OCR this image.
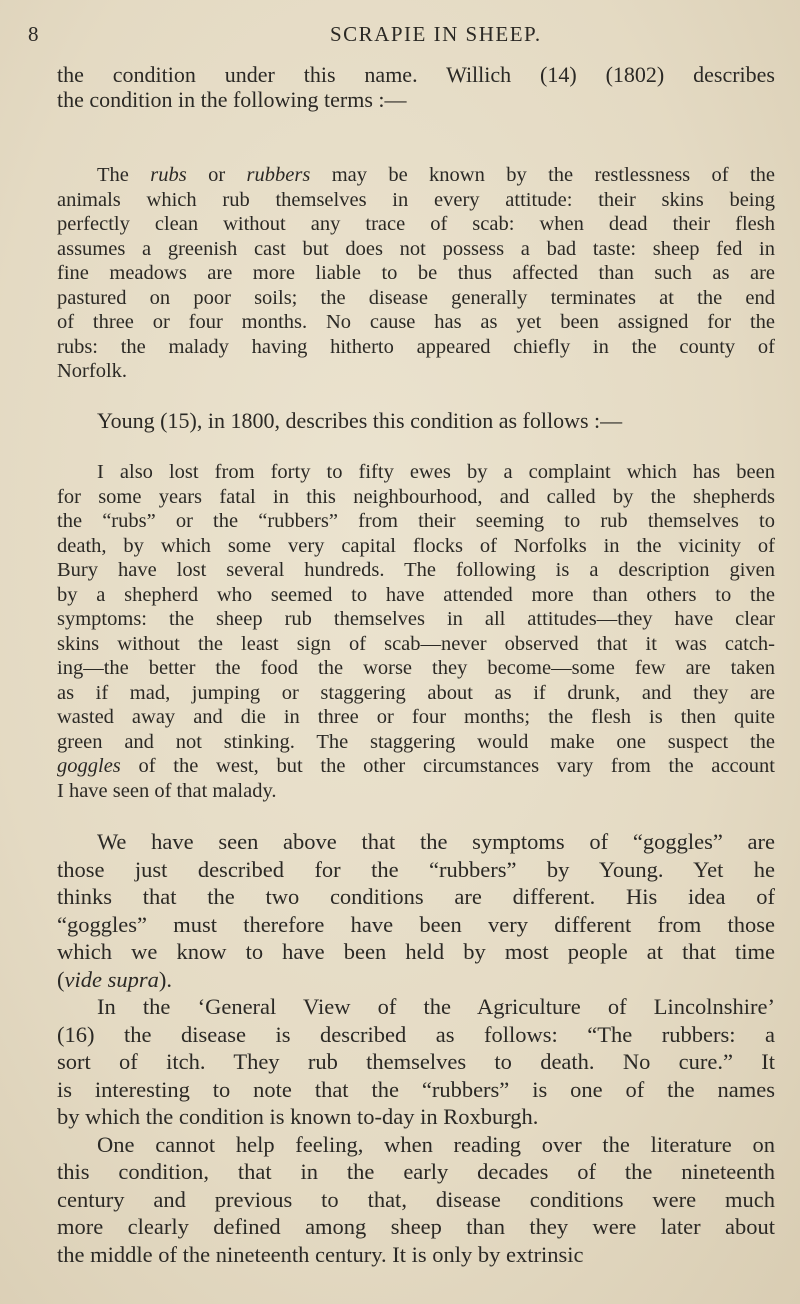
8	SCRAPIE IN SHEEP.
the condition under this name. Willich (14) (1802) describes
the condition in the following terms :—
The rubs or rubbers may be known by the restlessness of the
animals which rub themselves in every attitude: their skins being
perfectly clean without any trace of scab: when dead their flesh
assumes a greenish cast but does not possess a bad taste: sheep fed in
fine meadows are more liable to be thus affected than such as are
pastured on poor soils; the disease generally terminates at the end
of three or four months. No cause has as yet been assigned for the
rubs: the malady having hitherto appeared chiefly in the county of
Norfolk.
Young (15), in 1800, describes this condition as follows :—
I also lost from forty to fifty ewes by a complaint which has been
for some years fatal in this neighbourhood, and called by the shepherds
the “rubs” or the “rubbers” from their seeming to rub themselves to
death, by which some very capital flocks of Norfolks in the vicinity of
Bury have lost several hundreds. The following is a description given
by a shepherd who seemed to have attended more than others to the
symptoms: the sheep rub themselves in all attitudes—they have clear
skins without the least sign of scab—never observed that it was catch-
ing—the better the food the worse they become—some few are taken
as if mad, jumping or staggering about as if drunk, and they are
wasted away and die in three or four months; the flesh is then quite
green and not stinking. The staggering would make one suspect the
goggles of the west, but the other circumstances vary from the account
I have seen of that malady.
We have seen above that the symptoms of “goggles” are
those just described for the “rubbers” by Young. Yet he
thinks that the two conditions are different. His idea of
“goggles” must therefore have been very different from those
which we know to have been held by most people at that time
(vide supra).
In the ‘General View of the Agriculture of Lincolnshire’
(16) the disease is described as follows: “The rubbers: a
sort of itch. They rub themselves to death. No cure.” It
is interesting to note that the “rubbers” is one of the names
by which the condition is known to-day in Roxburgh.
One cannot help feeling, when reading over the literature on
this condition, that in the early decades of the nineteenth
century and previous to that, disease conditions were much
more clearly defined among sheep than they were later about
the middle of the nineteenth century. It is only by extrinsic
